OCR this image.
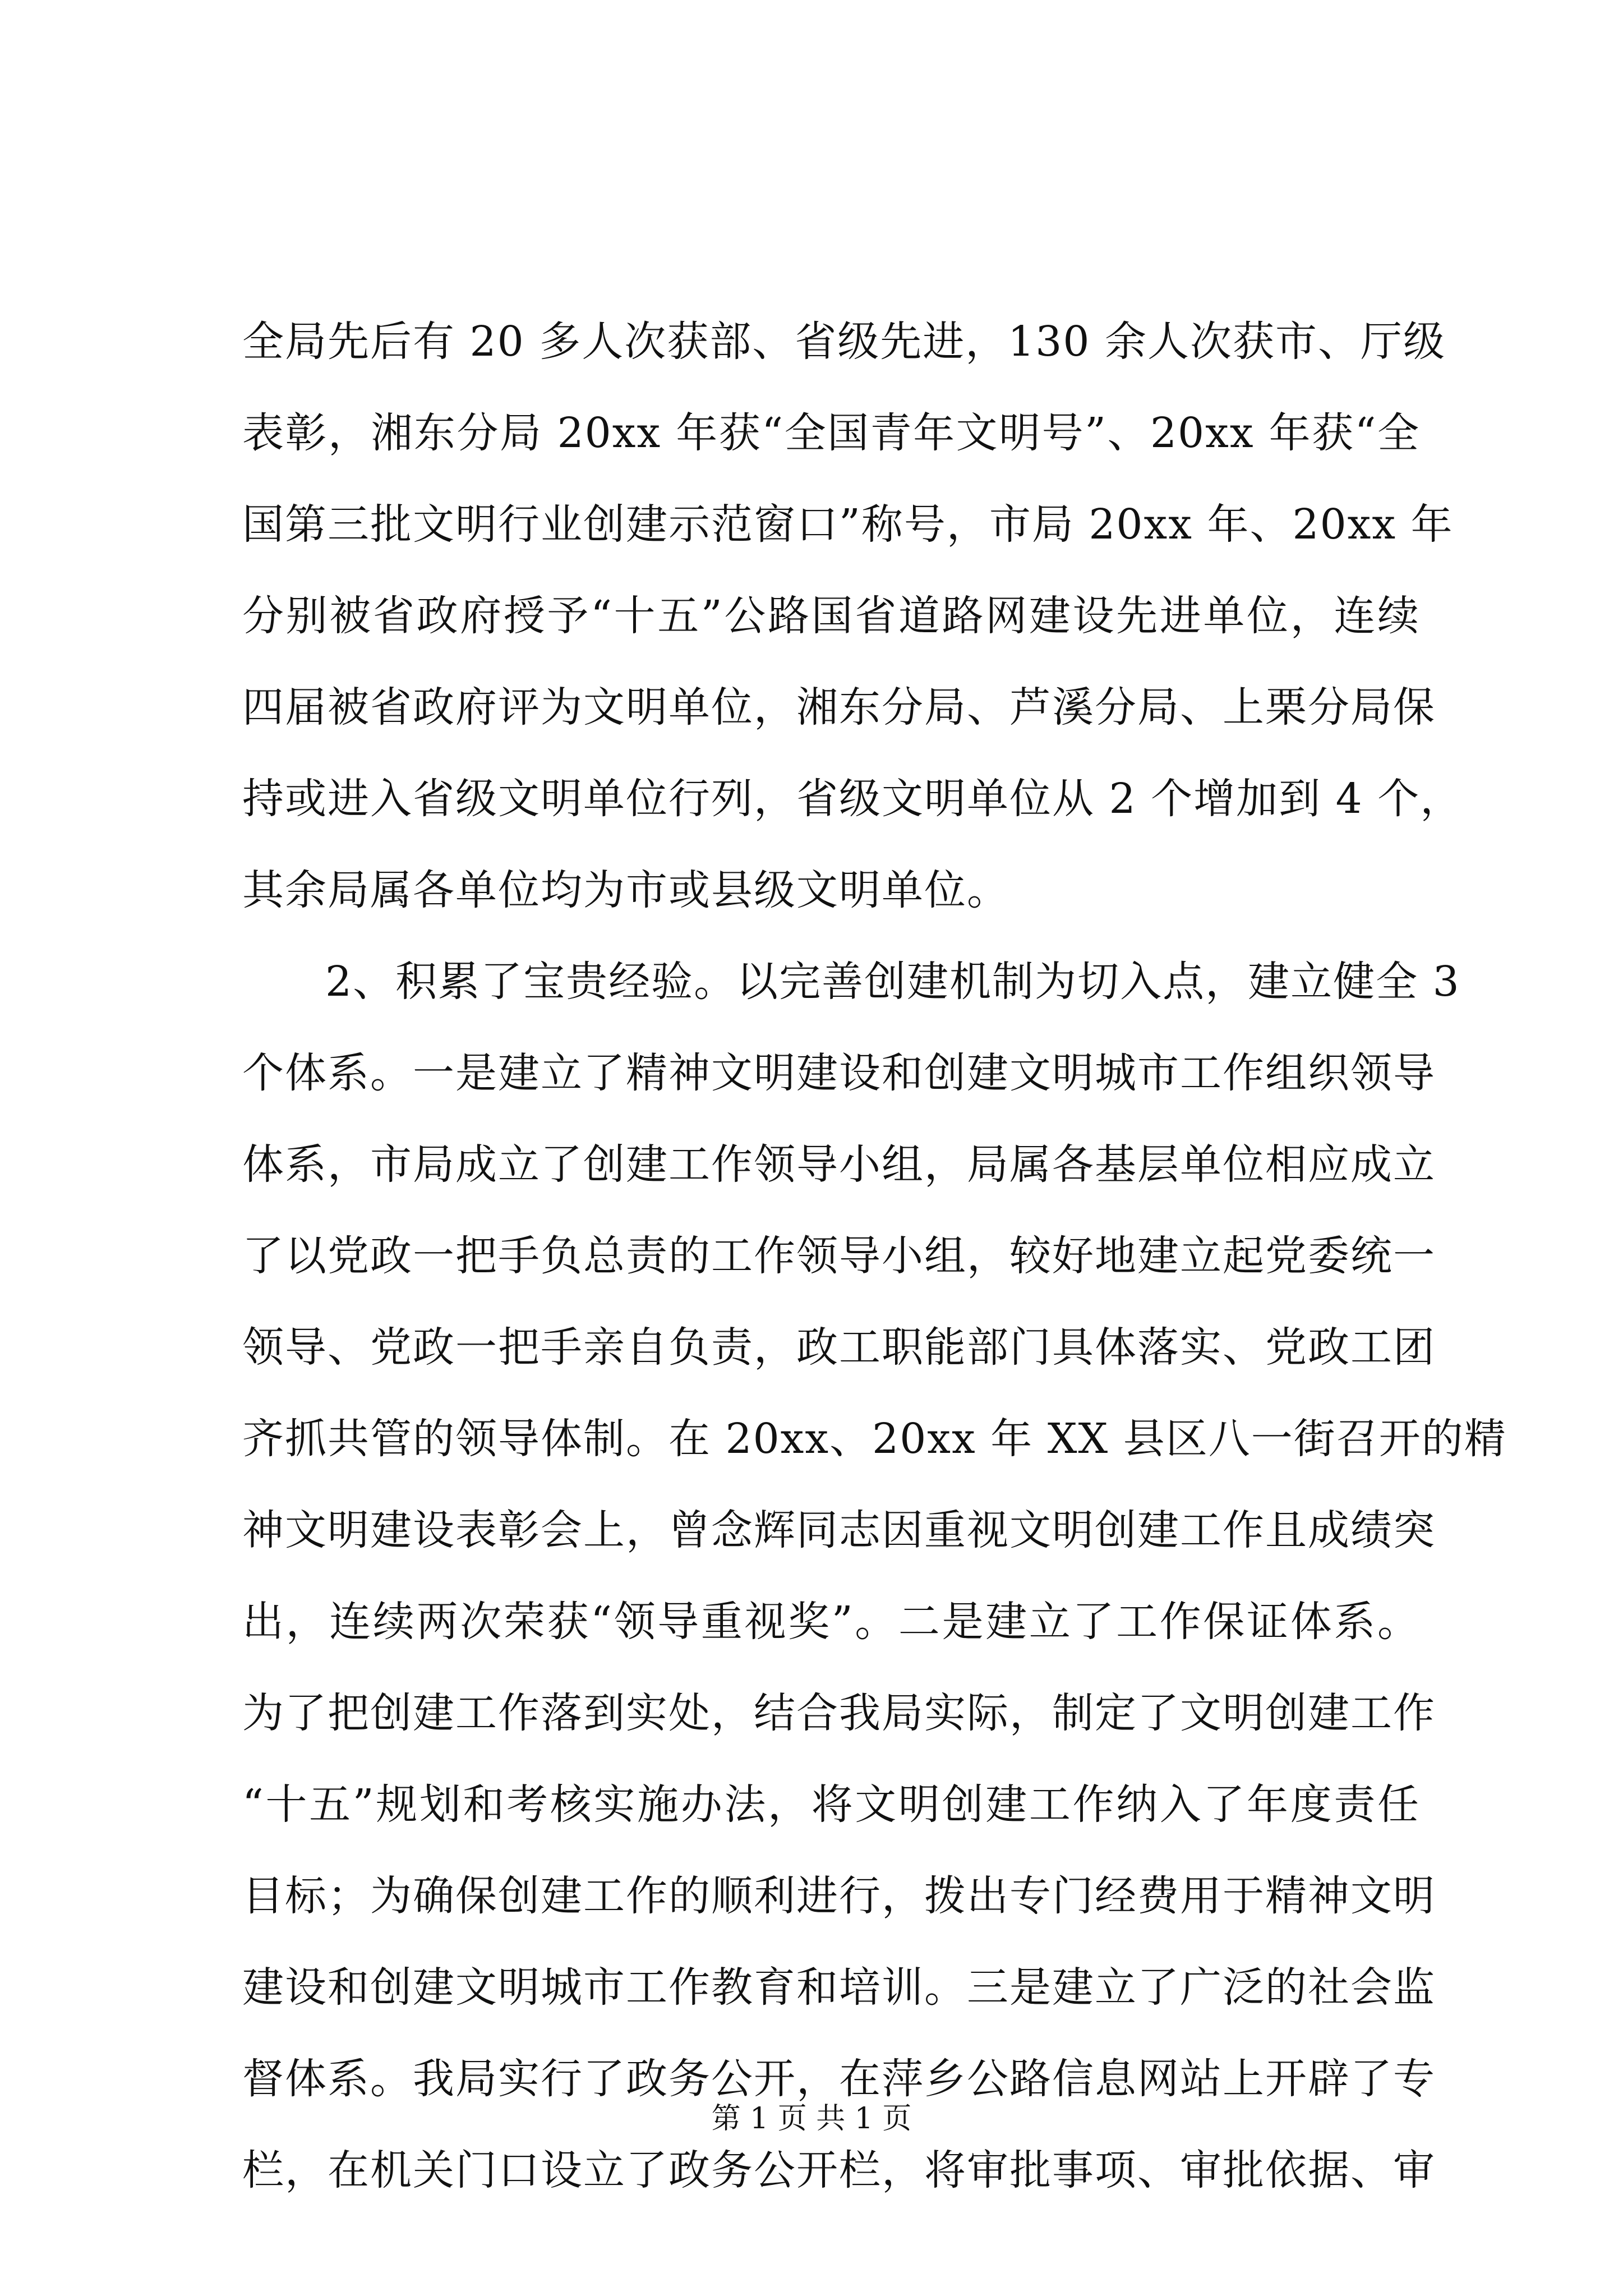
全局先后有 20 多人次获部、省级先进，130 余人次获市、厅级
表彰，湘东分局 20xx 年获“全国青年文明号”、20xx 年获“全
国第三批文明行业创建示范窗口”称号，市局 20xx 年、20xx 年
分别被省政府授予“十五”公路国省道路网建设先进单位，连续
四届被省政府评为文明单位，湘东分局、芦溪分局、上栗分局保
持或进入省级文明单位行列，省级文明单位从 2 个增加到 4 个，
其余局属各单位均为市或县级文明单位。
2、积累了宝贵经验。以完善创建机制为切入点，建立健全 3
个体系。一是建立了精神文明建设和创建文明城市工作组织领导
体系，市局成立了创建工作领导小组，局属各基层单位相应成立
了以党政一把手负总责的工作领导小组，较好地建立起党委统一
领导、党政一把手亲自负责，政工职能部门具体落实、党政工团
齐抓共管的领导体制。在 20xx、20xx 年 XX 县区八一街召开的精
神文明建设表彰会上，曾念辉同志因重视文明创建工作且成绩突
出，连续两次荣获“领导重视奖”。二是建立了工作保证体系。
为了把创建工作落到实处，结合我局实际，制定了文明创建工作
“十五”规划和考核实施办法，将文明创建工作纳入了年度责任
目标；为确保创建工作的顺利进行，拨出专门经费用于精神文明
建设和创建文明城市工作教育和培训。三是建立了广泛的社会监
督体系。我局实行了政务公开，在萍乡公路信息网站上开辟了专
栏，在机关门口设立了政务公开栏，将审批事项、审批依据、审
第 1 页 共 1 页
